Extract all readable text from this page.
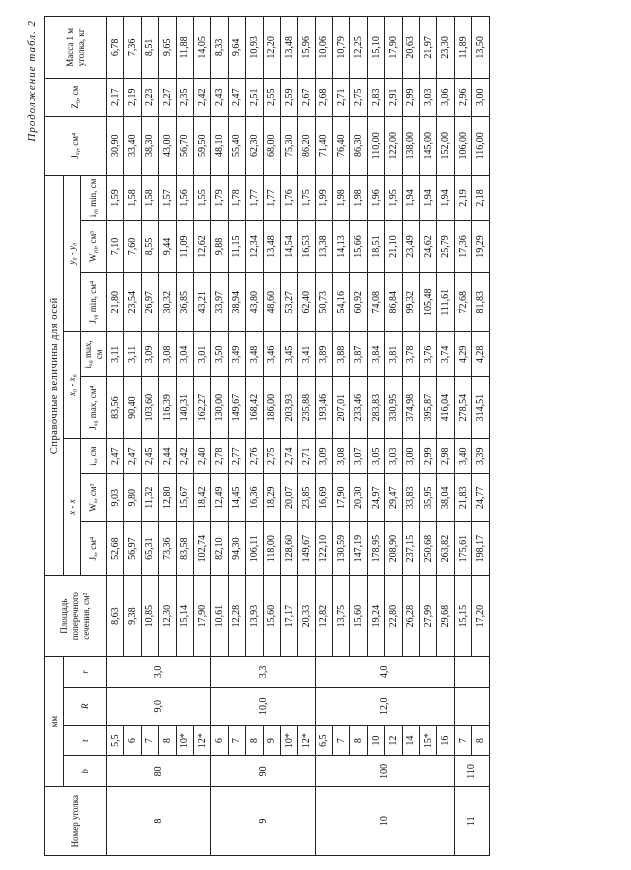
Продолжение табл. 2
Номер уголка	мм				Площадь поперечного сечения, см²	Справочные величины для осей								Jₓᵧ, см⁴	Z₀, см	Масса 1 м уголка, кг
	b	t	R	r		x - x			x₀ - x₀		y₀ - y₀					
						Jₓ, см⁴	Wₓ, см³	iₓ, см	Jₓ₀ max, см⁴	iₓ₀ max, см	Jᵧ₀ min, см⁴	Wᵧ₀, см³	iᵧ₀ min, см			

8	80	5,5	9,0	3,0	8,63	52,68	9,03	2,47	83,56	3,11	21,80	7,10	1,59	30,90	2,17	6,78
		6			9,38	56,97	9,80	2,47	90,40	3,11	23,54	7,60	1,58	33,40	2,19	7,36
		7			10,85	65,31	11,32	2,45	103,60	3,09	26,97	8,55	1,58	38,30	2,23	8,51
		8			12,30	73,36	12,80	2,44	116,39	3,08	30,32	9,44	1,57	43,00	2,27	9,65
		10*			15,14	83,58	15,67	2,42	140,31	3,04	36,85	11,09	1,56	56,70	2,35	11,88
		12*			17,90	102,74	18,42	2,40	162,27	3,01	43,21	12,62	1,55	59,50	2,42	14,05
9	90	6	10,0	3,3	10,61	82,10	12,49	2,78	130,00	3,50	33,97	9,88	1,79	48,10	2,43	8,33
		7			12,28	94,30	14,45	2,77	149,67	3,49	38,94	11,15	1,78	55,40	2,47	9,64
		8			13,93	106,11	16,36	2,76	168,42	3,48	43,80	12,34	1,77	62,30	2,51	10,93
		9			15,60	118,00	18,29	2,75	186,00	3,46	48,60	13,48	1,77	68,00	2,55	12,20
		10*			17,17	128,60	20,07	2,74	203,93	3,45	53,27	14,54	1,76	75,30	2,59	13,48
		12*			20,33	149,67	23,85	2,71	235,88	3,41	62,40	16,53	1,75	86,20	2,67	15,96
10	100	6,5	12,0	4,0	12,82	122,10	16,69	3,09	193,46	3,89	50,73	13,38	1,99	71,40	2,68	10,06
		7			13,75	130,59	17,90	3,08	207,01	3,88	54,16	14,13	1,98	76,40	2,71	10,79
		8			15,60	147,19	20,30	3,07	233,46	3,87	60,92	15,66	1,98	86,30	2,75	12,25
		10			19,24	178,95	24,97	3,05	283,83	3,84	74,08	18,51	1,96	110,00	2,83	15,10
		12			22,80	208,90	29,47	3,03	330,95	3,81	86,84	21,10	1,95	122,00	2,91	17,90
		14			26,28	237,15	33,83	3,00	374,98	3,78	99,32	23,49	1,94	138,00	2,99	20,63
		15*			27,99	250,68	35,95	2,99	395,87	3,76	105,48	24,62	1,94	145,00	3,03	21,97
		16			29,68	263,82	38,04	2,98	416,04	3,74	111,61	25,79	1,94	152,00	3,06	23,30
11	110	7			15,15	175,61	21,83	3,40	278,54	4,29	72,68	17,36	2,19	106,00	2,96	11,89
		8			17,20	198,17	24,77	3,39	314,51	4,28	81,83	19,29	2,18	116,00	3,00	13,50
